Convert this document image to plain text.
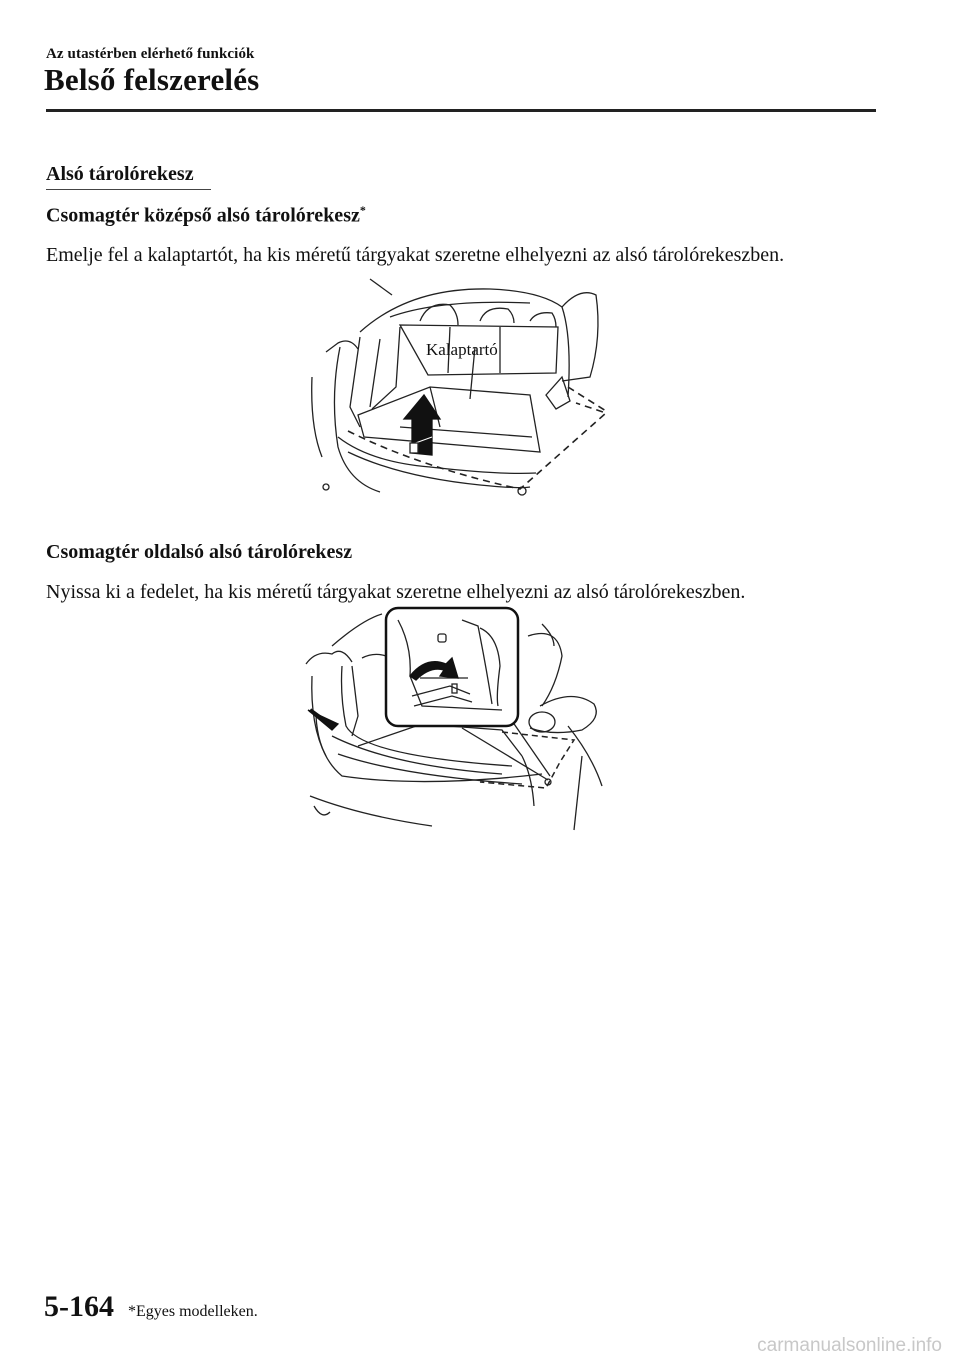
Az utastérben elérhető funkciók
Belső felszerelés
Alsó tárolórekesz
Csomagtér középső alsó tárolórekesz*
Emelje fel a kalaptartót, ha kis méretű tárgyakat szeretne elhelyezni az alsó tárolórekeszben.
Kalaptartó
Csomagtér oldalsó alsó tárolórekesz
Nyissa ki a fedelet, ha kis méretű tárgyakat szeretne elhelyezni az alsó tárolórekeszben.
5-164 *Egyes modelleken.
carmanualsonline.info
